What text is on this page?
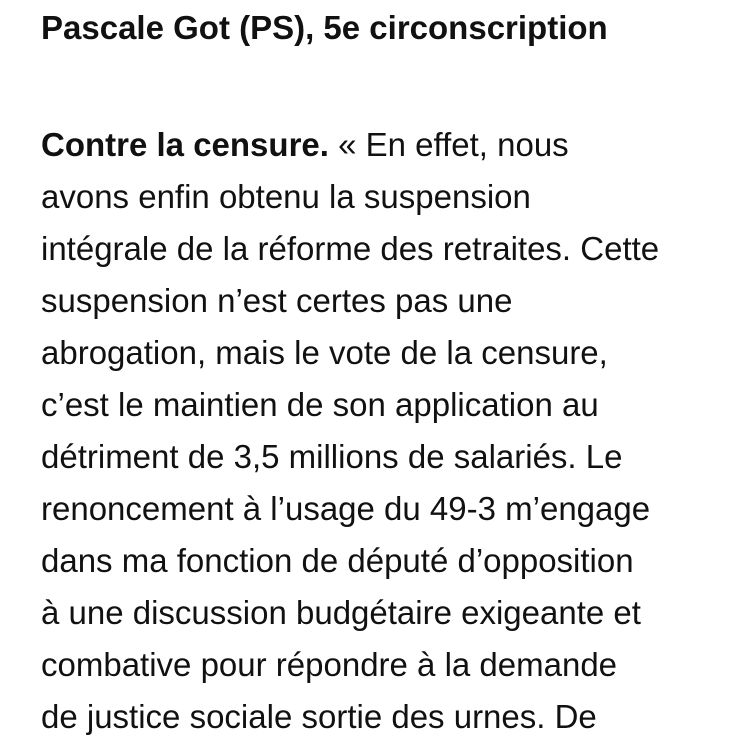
Pascale Got (PS), 5e circonscription

Contre la censure. « En effet, nous
avons enfin obtenu la suspension
intégrale de la réforme des retraites. Cette
suspension n’est certes pas une
abrogation, mais le vote de la censure,
c’est le maintien de son application au
détriment de 3,5 millions de salariés. Le
renoncement à l’usage du 49-3 m’engage
dans ma fonction de député d’opposition
à une discussion budgétaire exigeante et
combative pour répondre à la demande
de justice sociale sortie des urnes. De
